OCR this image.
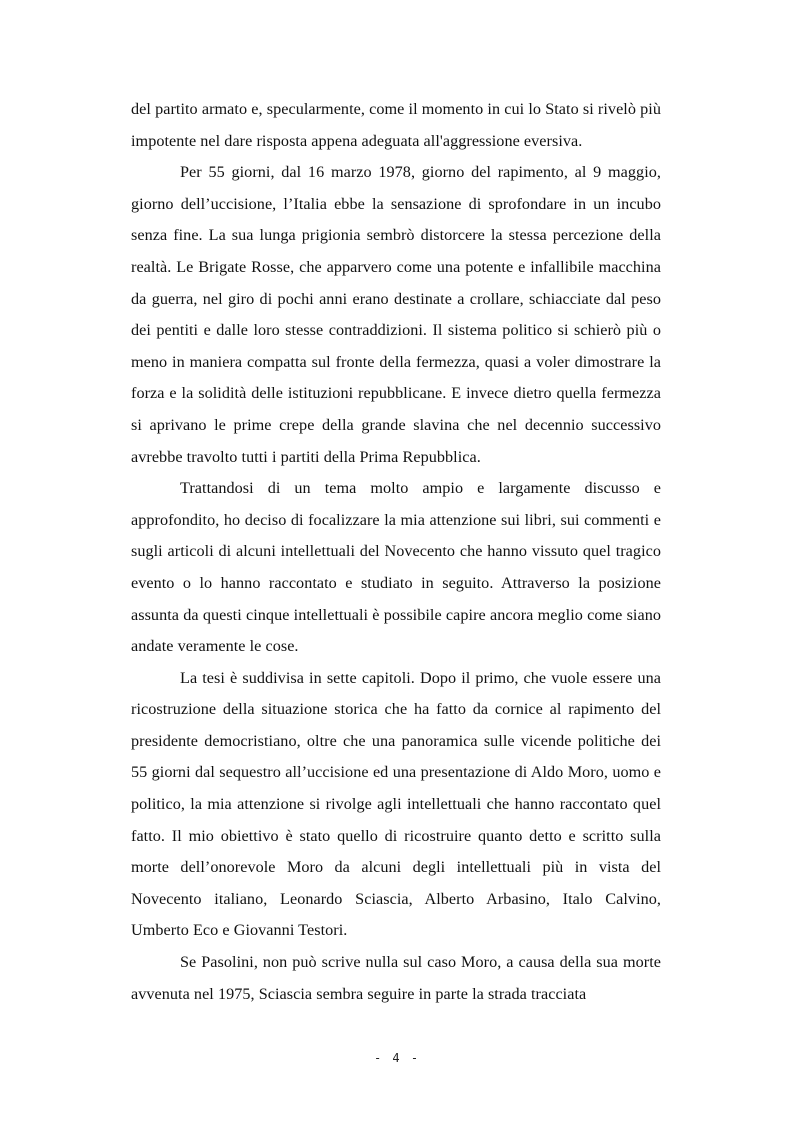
del partito armato e, specularmente, come il momento in cui lo Stato si rivelò più impotente nel dare risposta appena adeguata all'aggressione eversiva.

Per 55 giorni, dal 16 marzo 1978, giorno del rapimento, al 9 maggio, giorno dell’uccisione, l’Italia ebbe la sensazione di sprofondare in un incubo senza fine. La sua lunga prigionia sembrò distorcere la stessa percezione della realtà. Le Brigate Rosse, che apparvero come una potente e infallibile macchina da guerra, nel giro di pochi anni erano destinate a crollare, schiacciate dal peso dei pentiti e dalle loro stesse contraddizioni. Il sistema politico si schierò più o meno in maniera compatta sul fronte della fermezza, quasi a voler dimostrare la forza e la solidità delle istituzioni repubblicane. E invece dietro quella fermezza si aprivano le prime crepe della grande slavina che nel decennio successivo avrebbe travolto tutti i partiti della Prima Repubblica.

Trattandosi di un tema molto ampio e largamente discusso e approfondito, ho deciso di focalizzare la mia attenzione sui libri, sui commenti e sugli articoli di alcuni intellettuali del Novecento che hanno vissuto quel tragico evento o lo hanno raccontato e studiato in seguito. Attraverso la posizione assunta da questi cinque intellettuali è possibile capire ancora meglio come siano andate veramente le cose.

La tesi è suddivisa in sette capitoli. Dopo il primo, che vuole essere una ricostruzione della situazione storica che ha fatto da cornice al rapimento del presidente democristiano, oltre che una panoramica sulle vicende politiche dei 55 giorni dal sequestro all’uccisione ed una presentazione di Aldo Moro, uomo e politico, la mia attenzione si rivolge agli intellettuali che hanno raccontato quel fatto. Il mio obiettivo è stato quello di ricostruire quanto detto e scritto sulla morte dell’onorevole Moro da alcuni degli intellettuali più in vista del Novecento italiano, Leonardo Sciascia, Alberto Arbasino, Italo Calvino, Umberto Eco e Giovanni Testori.

Se Pasolini, non può scrive nulla sul caso Moro, a causa della sua morte avvenuta nel 1975, Sciascia sembra seguire in parte la strada tracciata

- 4 -
